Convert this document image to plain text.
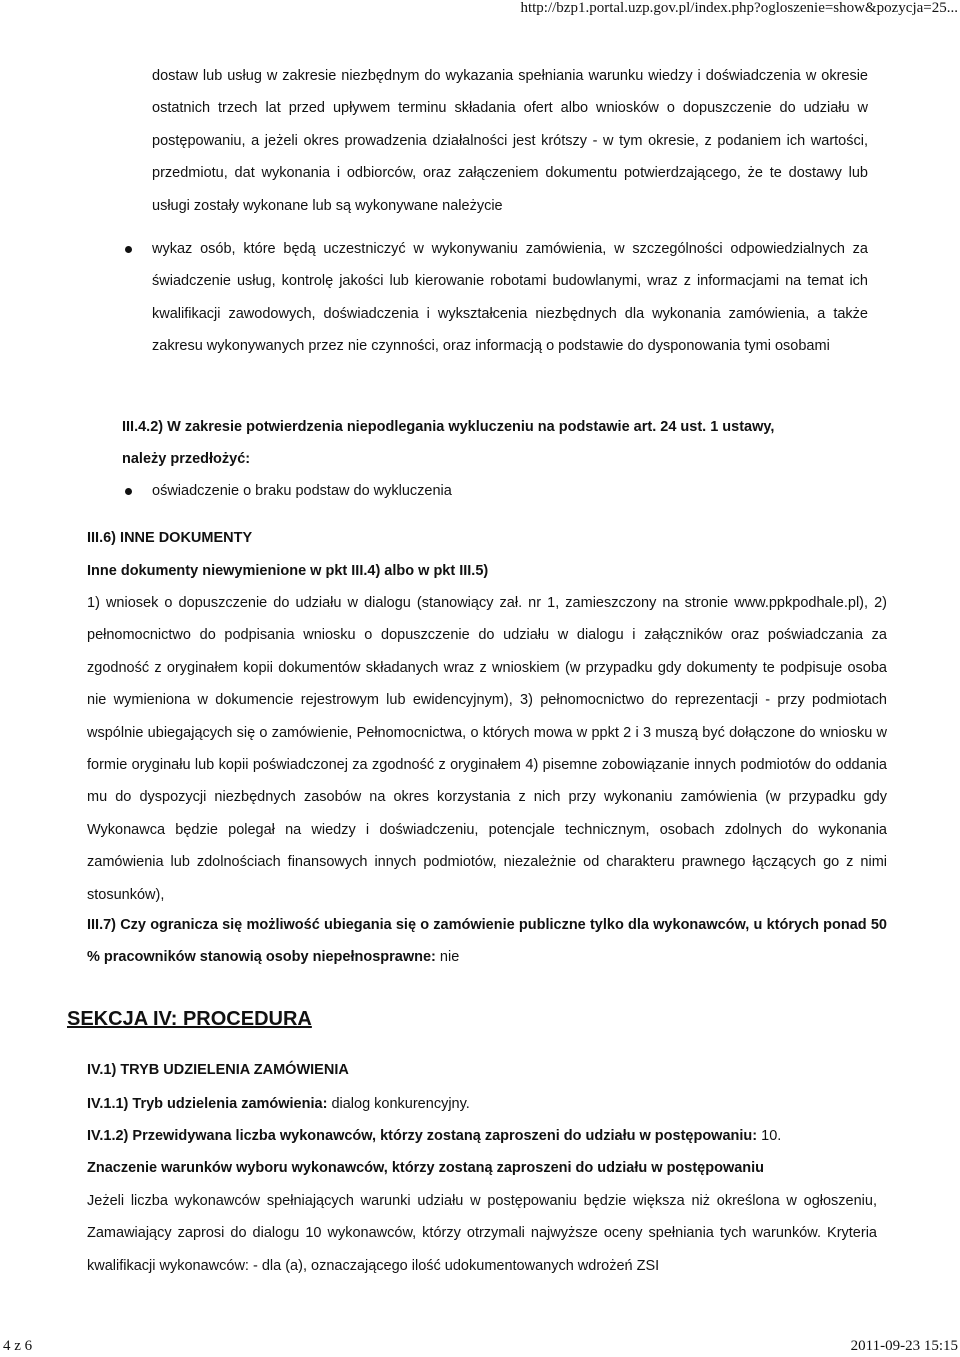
http://bzp1.portal.uzp.gov.pl/index.php?ogloszenie=show&pozycja=25...

dostaw lub usług w zakresie niezbędnym do wykazania spełniania warunku wiedzy i doświadczenia w okresie ostatnich trzech lat przed upływem terminu składania ofert albo wniosków o dopuszczenie do udziału w postępowaniu, a jeżeli okres prowadzenia działalności jest krótszy - w tym okresie, z podaniem ich wartości, przedmiotu, dat wykonania i odbiorców, oraz załączeniem dokumentu potwierdzającego, że te dostawy lub usługi zostały wykonane lub są wykonywane należycie

wykaz osób, które będą uczestniczyć w wykonywaniu zamówienia, w szczególności odpowiedzialnych za świadczenie usług, kontrolę jakości lub kierowanie robotami budowlanymi, wraz z informacjami na temat ich kwalifikacji zawodowych, doświadczenia i wykształcenia niezbędnych dla wykonania zamówienia, a także zakresu wykonywanych przez nie czynności, oraz informacją o podstawie do dysponowania tymi osobami

III.4.2) W zakresie potwierdzenia niepodlegania wykluczeniu na podstawie art. 24 ust. 1 ustawy,
należy przedłożyć:
oświadczenie o braku podstaw do wykluczenia
III.6) INNE DOKUMENTY
Inne dokumenty niewymienione w pkt III.4) albo w pkt III.5)

1) wniosek o dopuszczenie do udziału w dialogu (stanowiący zał. nr 1, zamieszczony na stronie www.ppkpodhale.pl), 2) pełnomocnictwo do podpisania wniosku o dopuszczenie do udziału w dialogu i załączników oraz poświadczania za zgodność z oryginałem kopii dokumentów składanych wraz z wnioskiem (w przypadku gdy dokumenty te podpisuje osoba nie wymieniona w dokumencie rejestrowym lub ewidencyjnym), 3) pełnomocnictwo do reprezentacji - przy podmiotach wspólnie ubiegających się o zamówienie, Pełnomocnictwa, o których mowa w ppkt 2 i 3 muszą być dołączone do wniosku w formie oryginału lub kopii poświadczonej za zgodność z oryginałem 4) pisemne zobowiązanie innych podmiotów do oddania mu do dyspozycji niezbędnych zasobów na okres korzystania z nich przy wykonaniu zamówienia (w przypadku gdy Wykonawca będzie polegał na wiedzy i doświadczeniu, potencjale technicznym, osobach zdolnych do wykonania zamówienia lub zdolnościach finansowych innych podmiotów, niezależnie od charakteru prawnego łączących go z nimi stosunków),

III.7) Czy ogranicza się możliwość ubiegania się o zamówienie publiczne tylko dla wykonawców, u których ponad 50 % pracowników stanowią osoby niepełnosprawne: nie

SEKCJA IV: PROCEDURA
IV.1) TRYB UDZIELENIA ZAMÓWIENIA
IV.1.1) Tryb udzielenia zamówienia: dialog konkurencyjny.
IV.1.2) Przewidywana liczba wykonawców, którzy zostaną zaproszeni do udziału w postępowaniu: 10.
Znaczenie warunków wyboru wykonawców, którzy zostaną zaproszeni do udziału w postępowaniu

Jeżeli liczba wykonawców spełniających warunki udziału w postępowaniu będzie większa niż określona w ogłoszeniu, Zamawiający zaprosi do dialogu 10 wykonawców, którzy otrzymali najwyższe oceny spełniania tych warunków. Kryteria kwalifikacji wykonawców: - dla (a), oznaczającego ilość udokumentowanych wdrożeń ZSI

4 z 6	2011-09-23 15:15
